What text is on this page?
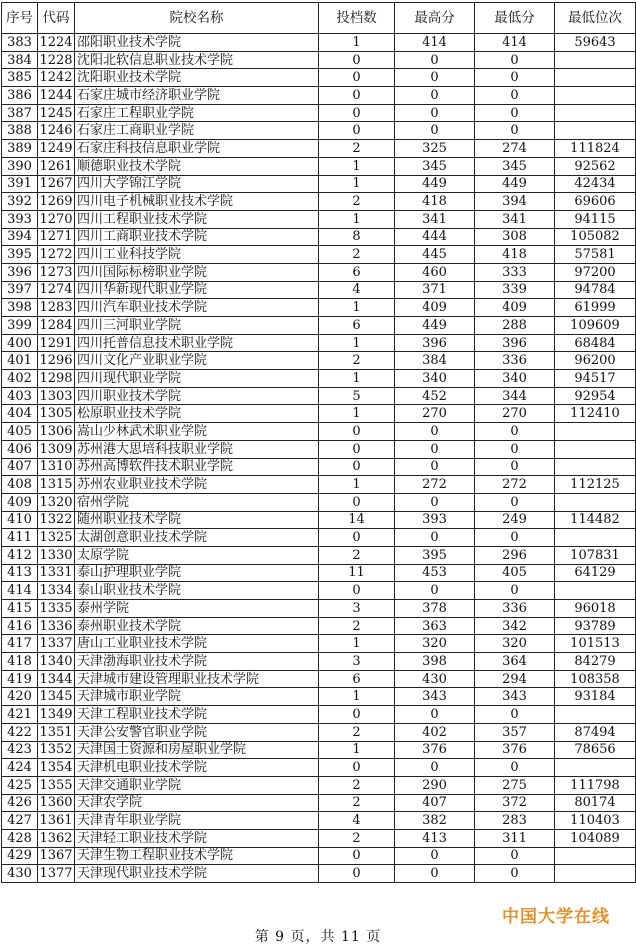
序号	代码	院校名称	投档数	最高分	最低分	最低位次
383	1224	邵阳职业技术学院	1	414	414	59643
384	1228	沈阳北软信息职业技术学院	0	0	0	
385	1242	沈阳职业技术学院	0	0	0	
386	1244	石家庄城市经济职业学院	0	0	0	
387	1245	石家庄工程职业学院	0	0	0	
388	1246	石家庄工商职业学院	0	0	0	
389	1249	石家庄科技信息职业学院	2	325	274	111824
390	1261	顺德职业技术学院	1	345	345	92562
391	1267	四川大学锦江学院	1	449	449	42434
392	1269	四川电子机械职业技术学院	2	418	394	69606
393	1270	四川工程职业技术学院	1	341	341	94115
394	1271	四川工商职业技术学院	8	444	308	105082
395	1272	四川工业科技学院	2	445	418	57581
396	1273	四川国际标榜职业学院	6	460	333	97200
397	1274	四川华新现代职业学院	4	371	339	94784
398	1283	四川汽车职业技术学院	1	409	409	61999
399	1284	四川三河职业学院	6	449	288	109609
400	1291	四川托普信息技术职业学院	1	396	396	68484
401	1296	四川文化产业职业学院	2	384	336	96200
402	1298	四川现代职业学院	1	340	340	94517
403	1303	四川职业技术学院	5	452	344	92954
404	1305	松原职业技术学院	1	270	270	112410
405	1306	嵩山少林武术职业学院	0	0	0	
406	1309	苏州港大思培科技职业学院	0	0	0	
407	1310	苏州高博软件技术职业学院	0	0	0	
408	1315	苏州农业职业技术学院	1	272	272	112125
409	1320	宿州学院	0	0	0	
410	1322	随州职业技术学院	14	393	249	114482
411	1325	太湖创意职业技术学院	0	0	0	
412	1330	太原学院	2	395	296	107831
413	1331	泰山护理职业学院	11	453	405	64129
414	1334	泰山职业技术学院	0	0	0	
415	1335	泰州学院	3	378	336	96018
416	1336	泰州职业技术学院	2	363	342	93789
417	1337	唐山工业职业技术学院	1	320	320	101513
418	1340	天津渤海职业技术学院	3	398	364	84279
419	1344	天津城市建设管理职业技术学院	6	430	294	108358
420	1345	天津城市职业学院	1	343	343	93184
421	1349	天津工程职业技术学院	0	0	0	
422	1351	天津公安警官职业学院	2	402	357	87494
423	1352	天津国土资源和房屋职业学院	1	376	376	78656
424	1354	天津机电职业技术学院	0	0	0	
425	1355	天津交通职业学院	2	290	275	111798
426	1360	天津农学院	2	407	372	80174
427	1361	天津青年职业学院	4	382	283	110403
428	1362	天津轻工职业技术学院	2	413	311	104089
429	1367	天津生物工程职业技术学院	0	0	0	
430	1377	天津现代职业技术学院	0	0	0	
第 9 页，共 11 页
中国大学在线
